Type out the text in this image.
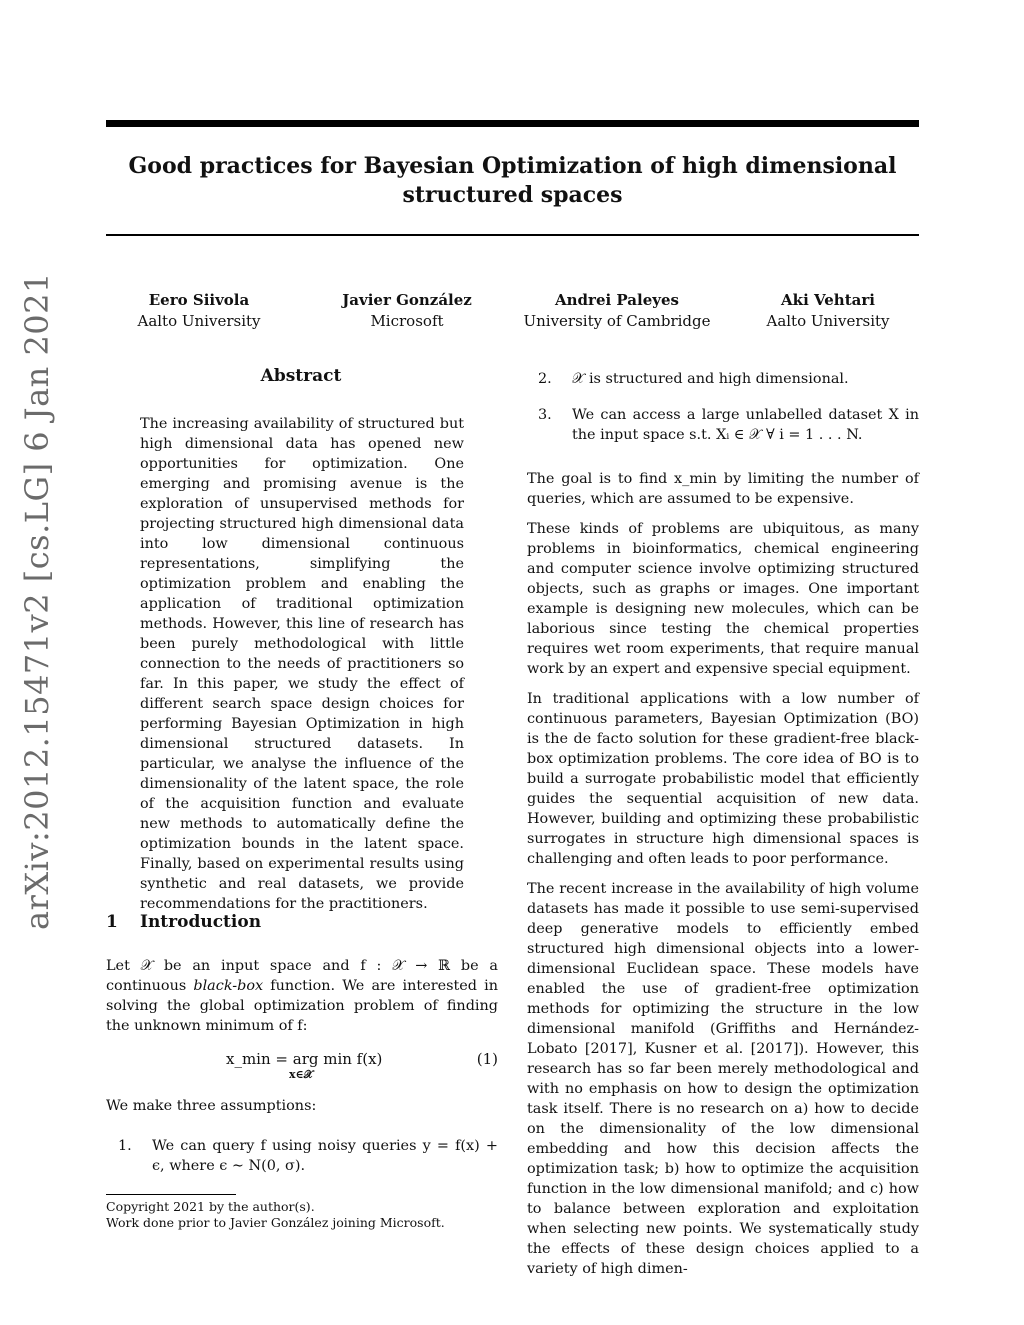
Good practices for Bayesian Optimization of high dimensional structured spaces
Eero Siivola
Aalto University
Javier González
Microsoft
Andrei Paleyes
University of Cambridge
Aki Vehtari
Aalto University
arXiv:2012.15471v2 [cs.LG] 6 Jan 2021	Abstract
The increasing availability of structured but high dimensional data has opened new opportunities for optimization. One emerging and promising avenue is the exploration of unsupervised methods for projecting structured high dimensional data into low dimensional continuous representations, simplifying the optimization problem and enabling the application of traditional optimization methods. However, this line of research has been purely methodological with little connection to the needs of practitioners so far. In this paper, we study the effect of different search space design choices for performing Bayesian Optimization in high dimensional structured datasets. In particular, we analyse the influence of the dimensionality of the latent space, the role of the acquisition function and evaluate new methods to automatically define the optimization bounds in the latent space. Finally, based on experimental results using synthetic and real datasets, we provide recommendations for the practitioners.
1 Introduction
Let 𝒳 be an input space and f : 𝒳 → ℝ be a continuous black-box function. We are interested in solving the global optimization problem of finding the unknown minimum of f:
x_min = arg min f(x)
x∈𝒳
(1)
We make three assumptions:
1. We can query f using noisy queries y = f(x) + ϵ, where ϵ ∼ N(0, σ).
Copyright 2021 by the author(s).
Work done prior to Javier González joining Microsoft.
2. 𝒳 is structured and high dimensional.
3. We can access a large unlabelled dataset X in the input space s.t. Xᵢ ∈ 𝒳 ∀ i = 1 . . . N.
The goal is to find x_min by limiting the number of queries, which are assumed to be expensive.
These kinds of problems are ubiquitous, as many problems in bioinformatics, chemical engineering and computer science involve optimizing structured objects, such as graphs or images. One important example is designing new molecules, which can be laborious since testing the chemical properties requires wet room experiments, that require manual work by an expert and expensive special equipment.
In traditional applications with a low number of continuous parameters, Bayesian Optimization (BO) is the de facto solution for these gradient-free black-box optimization problems. The core idea of BO is to build a surrogate probabilistic model that efficiently guides the sequential acquisition of new data. However, building and optimizing these probabilistic surrogates in structure high dimensional spaces is challenging and often leads to poor performance.
The recent increase in the availability of high volume datasets has made it possible to use semi-supervised deep generative models to efficiently embed structured high dimensional objects into a lower-dimensional Euclidean space. These models have enabled the use of gradient-free optimization methods for optimizing the structure in the low dimensional manifold (Griffiths and Hernández-Lobato [2017], Kusner et al. [2017]). However, this research has so far been merely methodological and with no emphasis on how to design the optimization task itself. There is no research on a) how to decide on the dimensionality of the low dimensional embedding and how this decision affects the optimization task; b) how to optimize the acquisition function in the low dimensional manifold; and c) how to balance between exploration and exploitation when selecting new points. We systematically study the effects of these design choices applied to a variety of high dimen-
